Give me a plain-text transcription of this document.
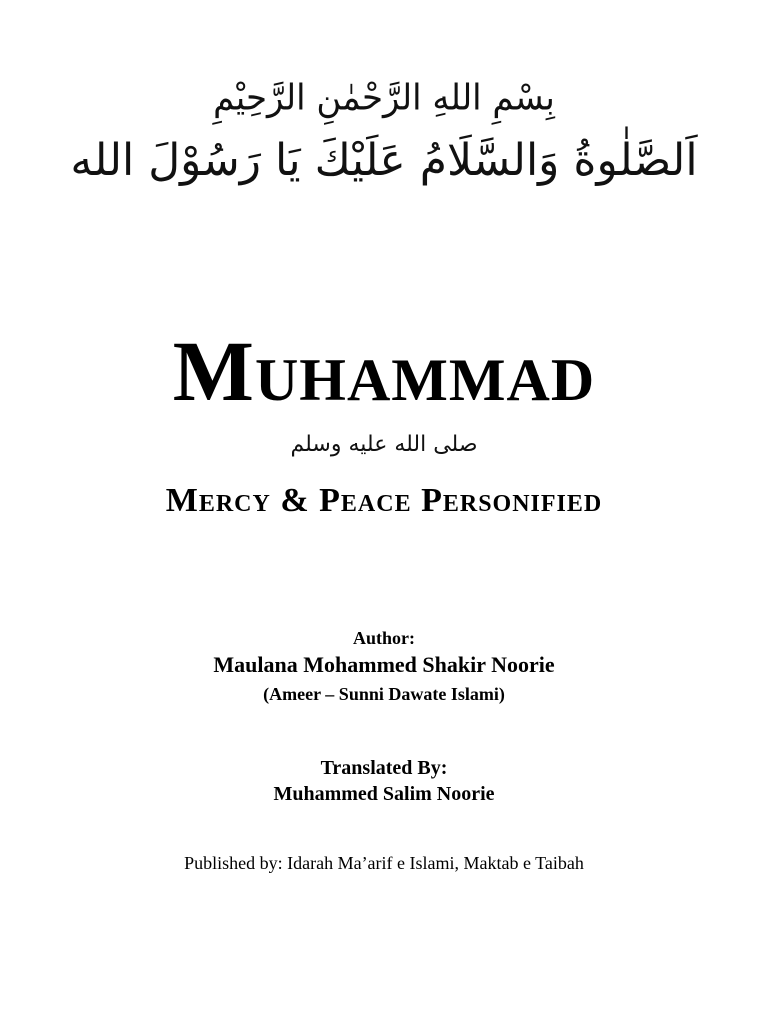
بِسْمِ اللهِ الرَّحْمٰنِ الرَّحِيْمِ
اَلصَّلٰوةُ وَالسَّلَامُ عَلَيْكَ يَا رَسُوْلَ الله
Muhammad
صلى الله عليه وسلم
Mercy & Peace Personified
Author:
Maulana Mohammed Shakir Noorie
(Ameer – Sunni Dawate Islami)
Translated By:
Muhammed Salim Noorie
Published by: Idarah Ma’arif e Islami, Maktab e Taibah
